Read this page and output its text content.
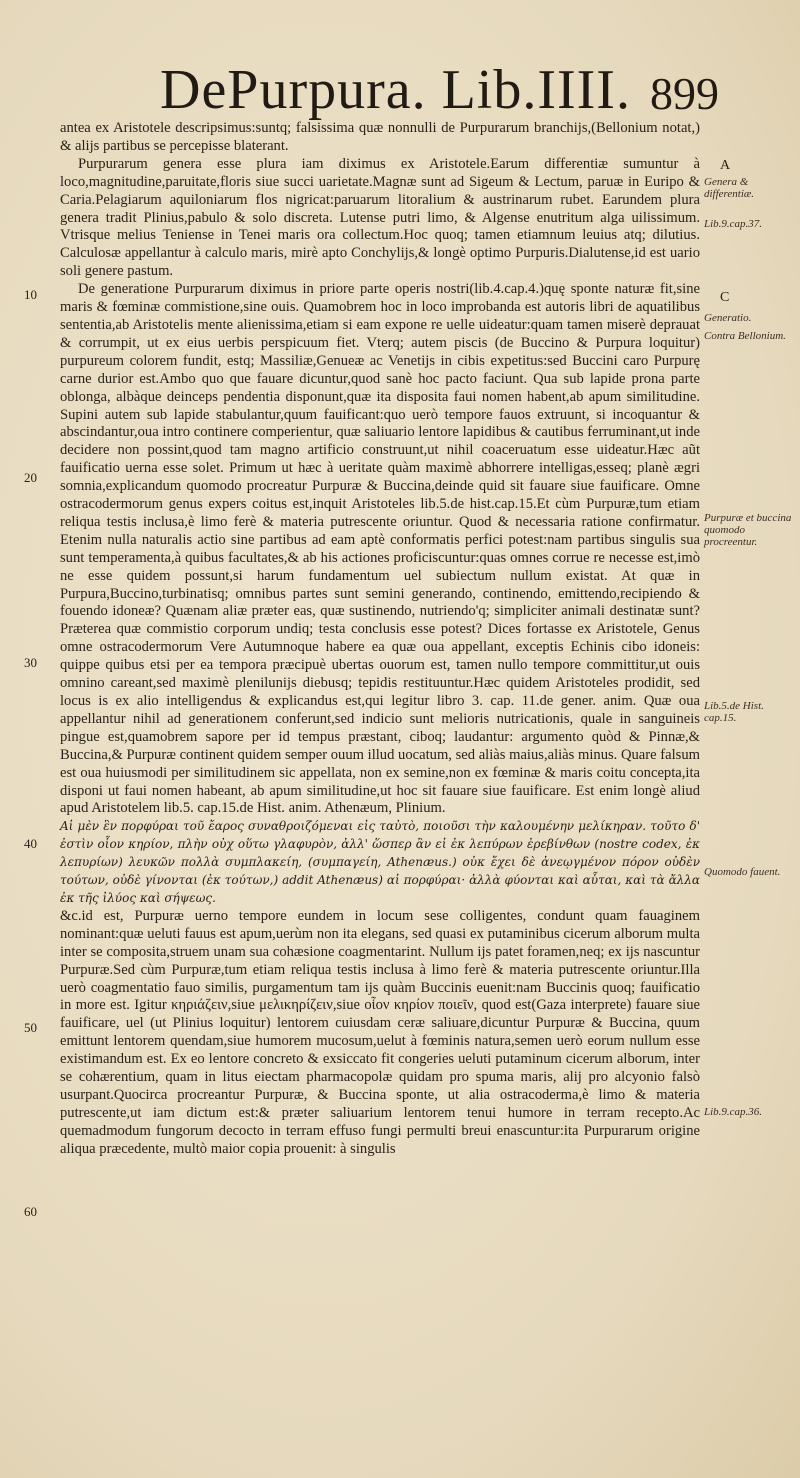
DePurpura. Lib.IIII. 899

antea ex Aristotele descripsimus:suntq; falsissima quæ nonnulli de Purpurarum branchijs,(Bellonium notat,) & alijs partibus se percepisse blaterant.

Purpurarum genera esse plura iam diximus ex Aristotele.Earum differentiæ sumuntur à loco,magnitudine,paruitate,floris siue succi uarietate.Magnæ sunt ad Sigeum & Lectum, paruæ in Euripo & Caria.Pelagiarum aquiloniarum flos nigricat:paruarum litoralium & austrinarum rubet. Earundem plura genera tradit Plinius,pabulo & solo discreta. Lutense putri limo, & Algense enutritum alga uilissimum. Vtrisque melius Teniense in Tenei maris ora collectum.Hoc quoq; tamen etiamnum leuius atq; dilutius. Calculosæ appellantur à calculo maris, mirè apto Conchylijs,& longè optimo Purpuris.Dialutense,id est uario soli genere pastum.

De generatione Purpurarum diximus in priore parte operis nostri(lib.4.cap.4.)quę sponte naturæ fit,sine maris & fœminæ commistione,sine ouis. Quamobrem hoc in loco improbanda est autoris libri de aquatilibus sententia,ab Aristotelis mente alienissima,etiam si eam expone re uelle uideatur:quam tamen miserè deprauat & corrumpit, ut ex eius uerbis perspicuum fiet. Vterq; autem piscis (de Buccino & Purpura loquitur) purpureum colorem fundit, estq; Massiliæ,Genueæ ac Venetijs in cibis expetitus:sed Buccini caro Purpurę carne durior est.Ambo quo que fauare dicuntur,quod sanè hoc pacto faciunt. Qua sub lapide prona parte oblonga, albàque deinceps pendentia disponunt,quæ ita disposita faui nomen habent,ab apum similitudine. Supini autem sub lapide stabulantur,quum fauificant:quo uerò tempore fauos extruunt, si incoquantur & abscindantur,oua intro continere comperientur, quæ saliuario lentore lapidibus & cautibus ferruminant,ut inde decidere non possint,quod tam magno artificio construunt,ut nihil coaceruatum esse uideatur.Hæc aũt fauificatio uerna esse solet. Primum ut hæc à ueritate quàm maximè abhorrere intelligas,esseq; planè ægri somnia,explicandum quomodo procreatur Purpuræ & Buccina,deinde quid sit fauare siue fauificare. Omne ostracodermorum genus expers coitus est,inquit Aristoteles lib.5.de hist.cap.15.Et cùm Purpuræ,tum etiam reliqua testis inclusa,è limo ferè & materia putrescente oriuntur. Quod & necessaria ratione confirmatur. Etenim nulla naturalis actio sine partibus ad eam aptè conformatis perfici potest:nam partibus singulis sua sunt temperamenta,à quibus facultates,& ab his actiones proficiscuntur:quas omnes corrue re necesse est,imò ne esse quidem possunt,si harum fundamentum uel subiectum nullum existat. At quæ in Purpura,Buccino,turbinatisq; omnibus partes sunt semini generando, continendo, emittendo,recipiendo & fouendo idoneæ? Quænam aliæ præter eas, quæ sustinendo, nutriendo'q; simpliciter animali destinatæ sunt? Præterea quæ commistio corporum undiq; testa conclusis esse potest? Dices fortasse ex Aristotele, Genus omne ostracodermorum Vere Autumnoque habere ea quæ oua appellant, exceptis Echinis cibo idoneis: quippe quibus etsi per ea tempora præcipuè ubertas ouorum est, tamen nullo tempore committitur,ut ouis omnino careant,sed maximè plenilunijs diebusq; tepidis restituuntur.Hæc quidem Aristoteles prodidit, sed locus is ex alio intelligendus & explicandus est,qui legitur libro 3. cap. 11.de gener. anim. Quæ oua appellantur nihil ad generationem conferunt,sed indicio sunt melioris nutricationis, quale in sanguineis pingue est,quamobrem sapore per id tempus præstant, ciboq; laudantur: argumento quòd & Pinnæ,& Buccina,& Purpuræ continent quidem semper ouum illud uocatum, sed aliàs maius,aliàs minus. Quare falsum est oua huiusmodi per similitudinem sic appellata, non ex semine,non ex fœminæ & maris coitu concepta,ita disponi ut faui nomen habeant, ab apum similitudine,ut hoc sit fauare siue fauificare. Est enim longè aliud apud Aristotelem lib.5. cap.15.de Hist. anim. Athenæum, Plinium.

Αἱ μὲν ἓν πορφύραι τοῦ ἔαρος συναθροιζόμεναι εἰς ταὐτὸ, ποιοῦσι τὴν καλουμένην μελίκηραν. τοῦτο δ' ἐστὶν οἷον κηρίον, πλὴν οὐχ οὕτω γλαφυρὸν, ἀλλ' ὥσπερ ἂν εἰ ἐκ λεπύρων ἐρεβίνθων (nostre codex, ἐκ λεπυρίων) λευκῶν πολλὰ συμπλακείη, (συμπαγείη, Athenæus.) οὐκ ἔχει δὲ ἀνεῳγμένον πόρον οὐδὲν τούτων, οὐδὲ γίνονται (ἐκ τούτων,) addit Athenæus) αἱ πορφύραι· ἀλλὰ φύονται καὶ αὗται, καὶ τὰ ἄλλα ἐκ τῆς ἰλύος καὶ σήψεως.

&c.id est, Purpuræ uerno tempore eundem in locum sese colligentes, condunt quam fauaginem nominant:quæ ueluti fauus est apum,uerùm non ita elegans, sed quasi ex putaminibus cicerum alborum multa inter se composita,struem unam sua cohæsione coagmentarint. Nullum ijs patet foramen,neq; ex ijs nascuntur Purpuræ.Sed cùm Purpuræ,tum etiam reliqua testis inclusa à limo ferè & materia putrescente oriuntur.Illa uerò coagmentatio fauo similis, purgamentum tam ijs quàm Buccinis euenit:nam Buccinis quoq; fauificatio in more est. Igitur κηριάζειν,siue μελικηρίζειν,siue οἷον κηρίον ποιεῖν, quod est(Gaza interprete) fauare siue fauificare, uel (ut Plinius loquitur) lentorem cuiusdam ceræ saliuare,dicuntur Purpuræ & Buccina, quum emittunt lentorem quendam,siue humorem mucosum,uelut à fœminis natura,semen uerò eorum nullum esse existimandum est. Ex eo lentore concreto & exsiccato fit congeries ueluti putaminum cicerum alborum, inter se cohærentium, quam in litus eiectam pharmacopolæ quidam pro spuma maris, alij pro alcyonio falsò usurpant.Quocirca procreantur Purpuræ, & Buccina sponte, ut alia ostracoderma,è limo & materia putrescente,ut iam dictum est:& præter saliuarium lentorem tenui humore in terram recepto.Ac quemadmodum fungorum decocto in terram effuso fungi permulti breui enascuntur:ita Purpurarum origine aliqua præcedente, multò maior copia prouenit: à singulis

A
Genera & differentiæ.
Lib.9.cap.37.
C
Generatio.
Contra Bellonium.
Purpuræ et buccina quomodo procreentur.
Lib.5.de Hist. cap.15.
Quomodo fauent.
Lib.9.cap.36.
10
20
30
40
50
60
